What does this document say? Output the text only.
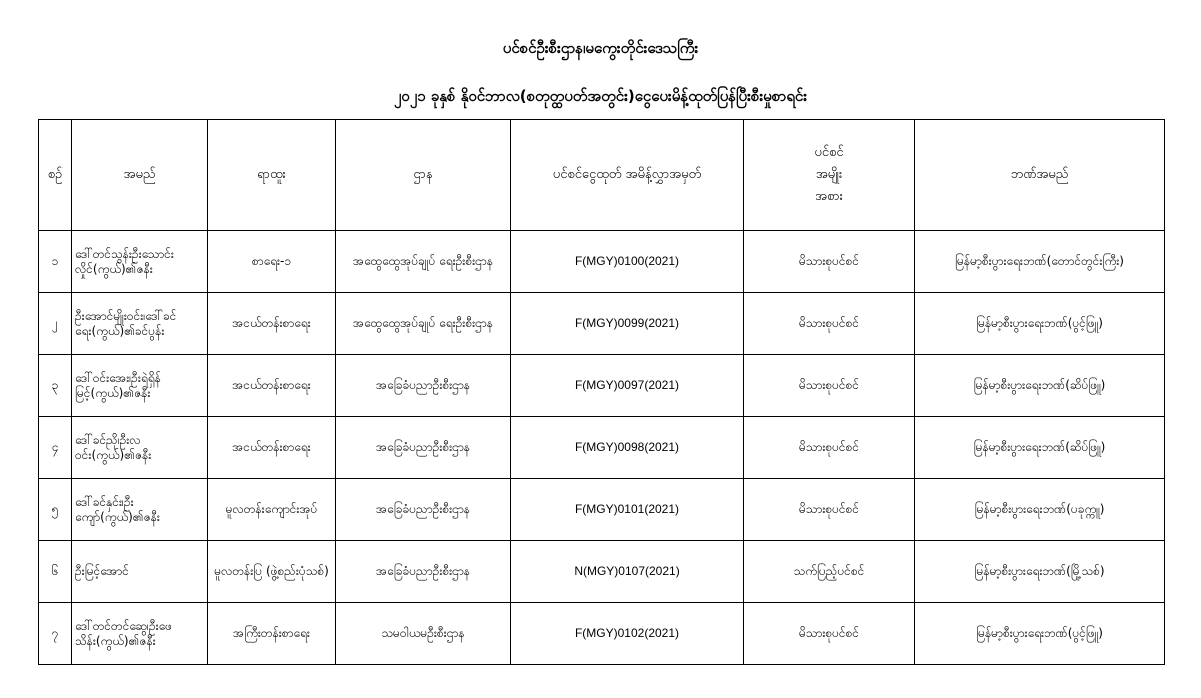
ပင်စင်ဦးစီးဌာန၊မကွေးတိုင်းဒေသကြီး
၂၀၂၁ ခုနှစ် နိုဝင်ဘာလ(စတုတ္ထပတ်အတွင်း)ငွေပေးမိန့်ထုတ်ပြန်ပြီးစီးမှုစာရင်း
စဉ်	အမည်	ရာထူး	ဌာန	ပင်စင်ငွေထုတ် အမိန့်လွှာအမှတ်	ပင်စင်
အမျိုး
အစား	ဘဏ်အမည်
၁	ဒေါ်တင်သွန်းဦးသောင်းလှိုင်(ကွယ်)၏ဇနီး	စာရေး-၁	အထွေထွေအုပ်ချုပ် ရေးဦးစီးဌာန	F(MGY)0100(2021)	မိသားစုပင်စင်	မြန်မာ့စီးပွားရေးဘဏ်(တောင်တွင်းကြီး)
၂	ဦးအောင်မျိုးဝင်း၊ဒေါ်ခင်ရေး(ကွယ်)၏ခင်ပွန်း	အငယ်တန်းစာရေး	အထွေထွေအုပ်ချုပ် ရေးဦးစီးဌာန	F(MGY)0099(2021)	မိသားစုပင်စင်	မြန်မာ့စီးပွားရေးဘဏ်(ပွင့်ဖြူ)
၃	ဒေါ်ဝင်းအေး၊ဦးရဲရှိန်မြင့်(ကွယ်)၏ဇနီး	အငယ်တန်းစာရေး	အခြေခံပညာဦးစီးဌာန	F(MGY)0097(2021)	မိသားစုပင်စင်	မြန်မာ့စီးပွားရေးဘဏ်(ဆိပ်ဖြူ)
၄	ဒေါ်ခင်ညို၊ဦးလဝင်း(ကွယ်)၏ဇနီး	အငယ်တန်းစာရေး	အခြေခံပညာဦးစီးဌာန	F(MGY)0098(2021)	မိသားစုပင်စင်	မြန်မာ့စီးပွားရေးဘဏ်(ဆိပ်ဖြူ)
၅	ဒေါ်ခင်နှင်း၊ဦးကျော်(ကွယ်)၏ဇနီး	မူလတန်းကျောင်းအုပ်	အခြေခံပညာဦးစီးဌာန	F(MGY)0101(2021)	မိသားစုပင်စင်	မြန်မာ့စီးပွားရေးဘဏ်(ပခုက္ကူ)
၆	ဦးမြင့်အောင်	မူလတန်းပြ (ဖွဲ့စည်းပုံသစ်)	အခြေခံပညာဦးစီးဌာန	N(MGY)0107(2021)	သက်ပြည့်ပင်စင်	မြန်မာ့စီးပွားရေးဘဏ်(မြို့သစ်)
၇	ဒေါ်တင်တင်ဆွေ၊ဦးဖေသိန်း(ကွယ်)၏ဇနီး	အကြီးတန်းစာရေး	သမဝါယမဦးစီးဌာန	F(MGY)0102(2021)	မိသားစုပင်စင်	မြန်မာ့စီးပွားရေးဘဏ်(ပွင့်ဖြူ)
